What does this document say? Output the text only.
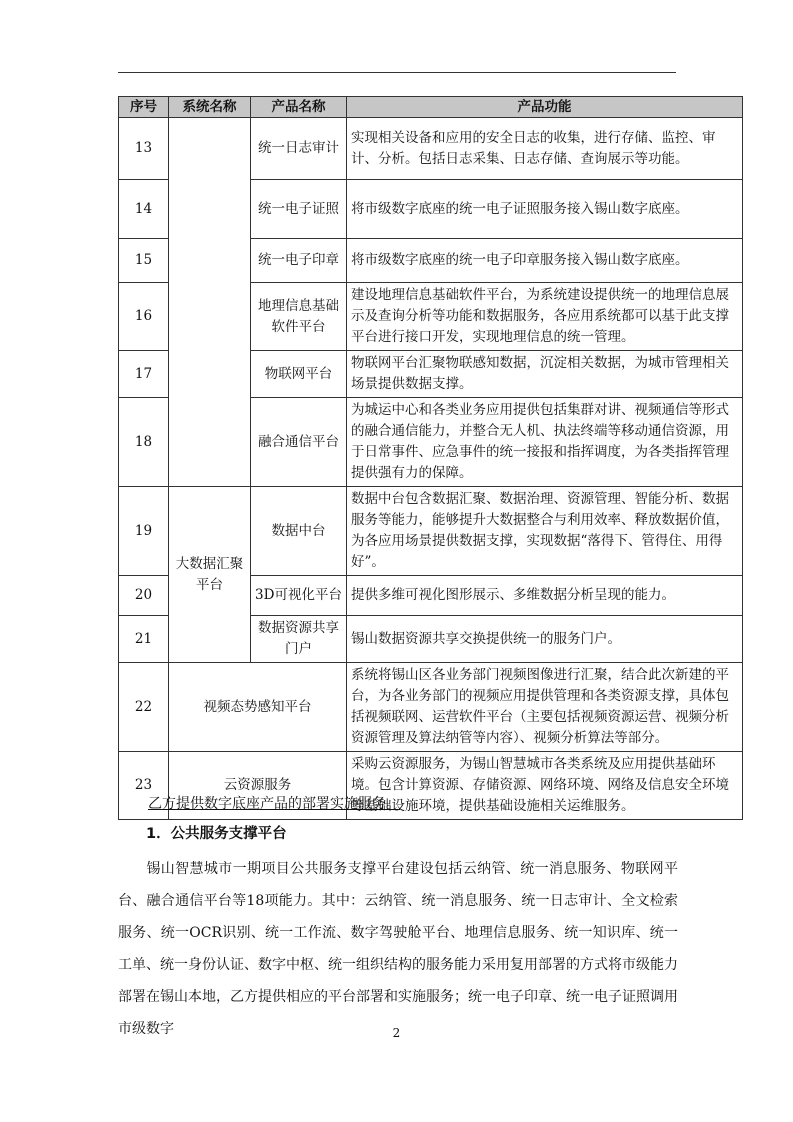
序号	系统名称	产品名称	产品功能
13		统一日志审计	实现相关设备和应用的安全日志的收集，进行存储、监控、审计、分析。包括日志采集、日志存储、查询展示等功能。
14		统一电子证照	将市级数字底座的统一电子证照服务接入锡山数字底座。
15		统一电子印章	将市级数字底座的统一电子印章服务接入锡山数字底座。
16		地理信息基础软件平台	建设地理信息基础软件平台，为系统建设提供统一的地理信息展示及查询分析等功能和数据服务，各应用系统都可以基于此支撑平台进行接口开发，实现地理信息的统一管理。
17		物联网平台	物联网平台汇聚物联感知数据，沉淀相关数据，为城市管理相关场景提供数据支撑。
18		融合通信平台	为城运中心和各类业务应用提供包括集群对讲、视频通信等形式的融合通信能力，并整合无人机、执法终端等移动通信资源，用于日常事件、应急事件的统一接报和指挥调度，为各类指挥管理提供强有力的保障。
19	大数据汇聚平台	数据中台	数据中台包含数据汇聚、数据治理、资源管理、智能分析、数据服务等能力，能够提升大数据整合与利用效率、释放数据价值，为各应用场景提供数据支撑，实现数据“落得下、管得住、用得好”。
20		3D可视化平台	提供多维可视化图形展示、多维数据分析呈现的能力。
21		数据资源共享门户	锡山数据资源共享交换提供统一的服务门户。
22	视频态势感知平台		系统将锡山区各业务部门视频图像进行汇聚，结合此次新建的平台，为各业务部门的视频应用提供管理和各类资源支撑，具体包括视频联网、运营软件平台（主要包括视频资源运营、视频分析资源管理及算法纳管等内容）、视频分析算法等部分。
23	云资源服务		采购云资源服务，为锡山智慧城市各类系统及应用提供基础环境。包含计算资源、存储资源、网络环境、网络及信息安全环境等基础设施环境，提供基础设施相关运维服务。
乙方提供数字底座产品的部署实施服务。
1．公共服务支撑平台

锡山智慧城市一期项目公共服务支撑平台建设包括云纳管、统一消息服务、物联网平台、融合通信平台等18项能力。其中：云纳管、统一消息服务、统一日志审计、全文检索服务、统一OCR识别、统一工作流、数字驾驶舱平台、地理信息服务、统一知识库、统一工单、统一身份认证、数字中枢、统一组织结构的服务能力采用复用部署的方式将市级能力部署在锡山本地，乙方提供相应的平台部署和实施服务；统一电子印章、统一电子证照调用市级数字	2
